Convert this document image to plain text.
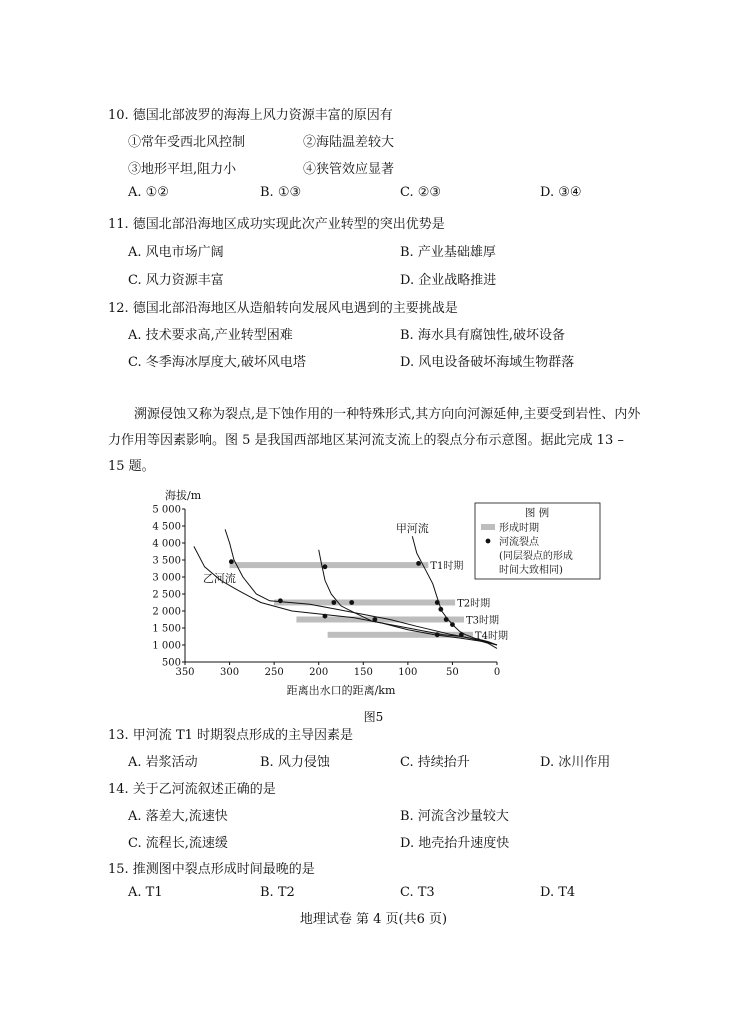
10. 德国北部波罗的海海上风力资源丰富的原因有
①常年受西北风控制	②海陆温差较大
③地形平坦,阻力小	④狭管效应显著
A. ①②	B. ①③	C. ②③	D. ③④
11. 德国北部沿海地区成功实现此次产业转型的突出优势是
A. 风电市场广阔	B. 产业基础雄厚
C. 风力资源丰富	D. 企业战略推进
12. 德国北部沿海地区从造船转向发展风电遇到的主要挑战是
A. 技术要求高,产业转型困难	B. 海水具有腐蚀性,破坏设备
C. 冬季海冰厚度大,破坏风电塔	D. 风电设备破坏海域生物群落
溯源侵蚀又称为裂点,是下蚀作用的一种特殊形式,其方向向河源延伸,主要受到岩性、内外力作用等因素影响。图 5 是我国西部地区某河流支流上的裂点分布示意图。据此完成 13 – 15 题。
500
1 000
1 500
2 000
2 500
3 000
3 500
4 000
4 500
5 000
350	300	250	200	150	100	50	0
海拔/m
距离出水口的距离/km
T1时期
T2时期
T3时期
T4时期
甲河流
乙河流
图 例
形成时期
河流裂点
(同层裂点的形成
时间大致相同)
图5
13. 甲河流 T1 时期裂点形成的主导因素是
A. 岩浆活动	B. 风力侵蚀	C. 持续抬升	D. 冰川作用
14. 关于乙河流叙述正确的是
A. 落差大,流速快	B. 河流含沙量较大
C. 流程长,流速缓	D. 地壳抬升速度快
15. 推测图中裂点形成时间最晚的是
A. T1	B. T2	C. T3	D. T4
地理试卷 第 4 页(共6 页)
